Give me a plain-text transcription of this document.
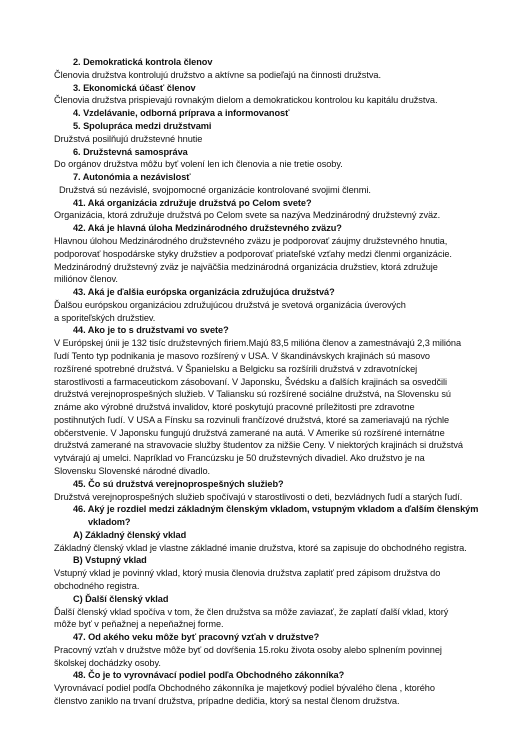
2. Demokratická kontrola členov
Členovia družstva kontrolujú družstvo a aktívne sa podieľajú na činnosti družstva.
3. Ekonomická účasť členov
Členovia družstva prispievajú rovnakým dielom a demokratickou kontrolou ku kapitálu družstva.
4. Vzdelávanie, odborná príprava a informovanosť
5. Spolupráca medzi družstvami
Družstvá posilňujú družstevné hnutie
6. Družstevná samospráva
Do orgánov družstva môžu byť volení len ich členovia a nie tretie osoby.
7. Autonómia a nezávislosť
Družstvá sú nezávislé, svojpomocné organizácie kontrolované svojimi členmi.
41. Aká organizácia združuje družstvá po Celom svete?
Organizácia, ktorá združuje družstvá po Celom svete sa nazýva Medzinárodný družstevný zväz.
42. Aká je hlavná úloha Medzinárodného družstevného zväzu?
Hlavnou úlohou Medzinárodného družstevného zväzu je podporovať záujmy družstevného hnutia,
podporovať hospodárske styky družstiev a podporovať priateľské vzťahy medzi členmi organizácie.
Medzinárodný družstevný zväz je najväčšia medzinárodná organizácia družstiev, ktorá združuje
miliónov členov.
43. Aká je ďalšia európska organizácia združujúca družstvá?
Ďalšou európskou organizáciou združujúcou družstvá je svetová organizácia úverových
a sporiteľských družstiev.
44. Ako je to s družstvami vo svete?
V Európskej únii je 132 tisíc družstevných firiem.Majú 83,5 milióna členov a zamestnávajú 2,3 milióna
ľudí Tento typ podnikania je masovo rozšírený v USA. V škandinávskych krajinách sú masovo
rozšírené spotrebné družstvá. V Španielsku a Belgicku sa rozšírili družstvá v zdravotníckej
starostlivosti a farmaceutickom zásobovaní. V Japonsku, Švédsku a ďalších krajinách sa osvedčili
družstvá verejnoprospešných služieb. V Taliansku sú rozšírené sociálne družstvá, na Slovensku sú
známe ako výrobné družstvá invalidov, ktoré poskytujú pracovné príležitosti pre zdravotne
postihnutých ľudí. V USA a Fínsku sa rozvinuli frančízové družstvá, ktoré sa zameriavajú na rýchle
občerstvenie. V Japonsku fungujú družstvá zamerané na autá. V Amerike sú rozšírené internátne
družstvá zamerané na stravovacie služby študentov za nižšie Ceny. V niektorých krajinách si družstvá
vytvárajú aj umelci. Napríklad vo Francúzsku je 50 družstevných divadiel. Ako družstvo je na
Slovensku Slovenské národné divadlo.
45. Čo sú družstvá verejnoprospešných služieb?
Družstvá verejnoprospešných služieb spočívajú v starostlivosti o deti, bezvládnych ľudí a starých ľudí.
46. Aký je rozdiel medzi základným členským vkladom, vstupným vkladom a ďalším členským
vkladom?
A) Základný členský vklad
Základný členský vklad je vlastne základné imanie družstva, ktoré sa zapisuje do obchodného registra.
B) Vstupný vklad
Vstupný vklad je povinný vklad, ktorý musia členovia družstva zaplatiť pred zápisom družstva do
obchodného registra.
C) Ďalší členský vklad
Ďalší členský vklad spočíva v tom, že člen družstva sa môže zaviazať, že zaplatí ďalší vklad, ktorý
môže byť v peňažnej a nepeňažnej forme.
47. Od akého veku môže byť pracovný vzťah v družstve?
Pracovný vzťah v družstve môže byť od dovŕšenia 15.roku života osoby alebo splnením povinnej
školskej dochádzky osoby.
48. Čo je to vyrovnávací podiel podľa Obchodného zákonníka?
Vyrovnávací podiel podľa Obchodného zákonníka je majetkový podiel bývalého člena , ktorého
členstvo zaniklo na trvaní družstva, prípadne dedičia, ktorý sa nestal členom družstva.
